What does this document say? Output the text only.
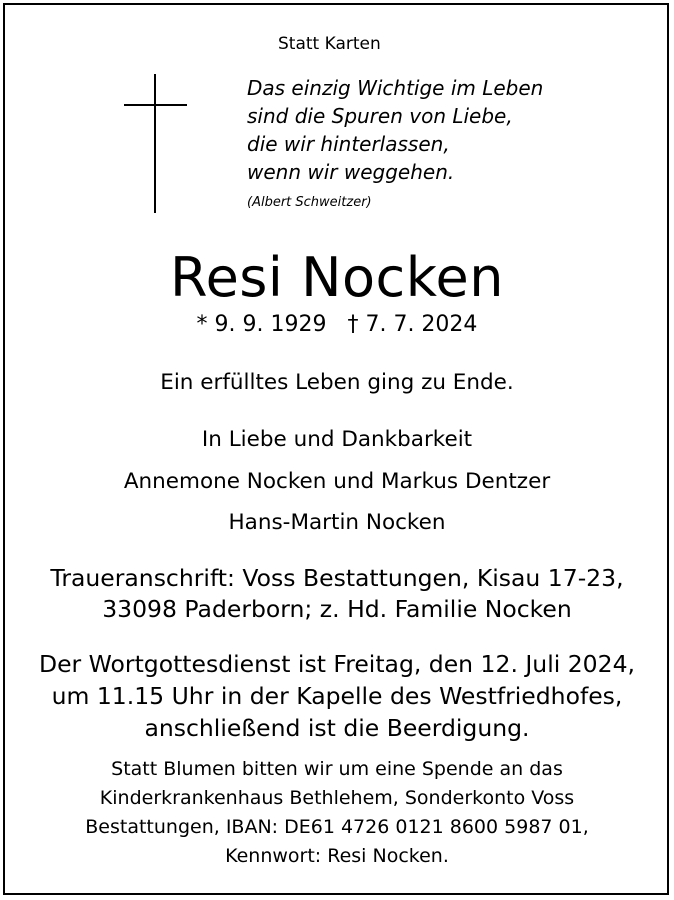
Statt Karten
Das einzig Wichtige im Leben
sind die Spuren von Liebe,
die wir hinterlassen,
wenn wir weggehen.
(Albert Schweitzer)
Resi Nocken
* 9. 9. 1929   † 7. 7. 2024
Ein erfülltes Leben ging zu Ende.
In Liebe und Dankbarkeit
Annemone Nocken und Markus Dentzer
Hans-Martin Nocken
Traueranschrift: Voss Bestattungen, Kisau 17-23,
33098 Paderborn; z. Hd. Familie Nocken
Der Wortgottesdienst ist Freitag, den 12. Juli 2024,
um 11.15 Uhr in der Kapelle des Westfriedhofes,
anschließend ist die Beerdigung.
Statt Blumen bitten wir um eine Spende an das
Kinderkrankenhaus Bethlehem, Sonderkonto Voss
Bestattungen, IBAN: DE61 4726 0121 8600 5987 01,
Kennwort: Resi Nocken.
